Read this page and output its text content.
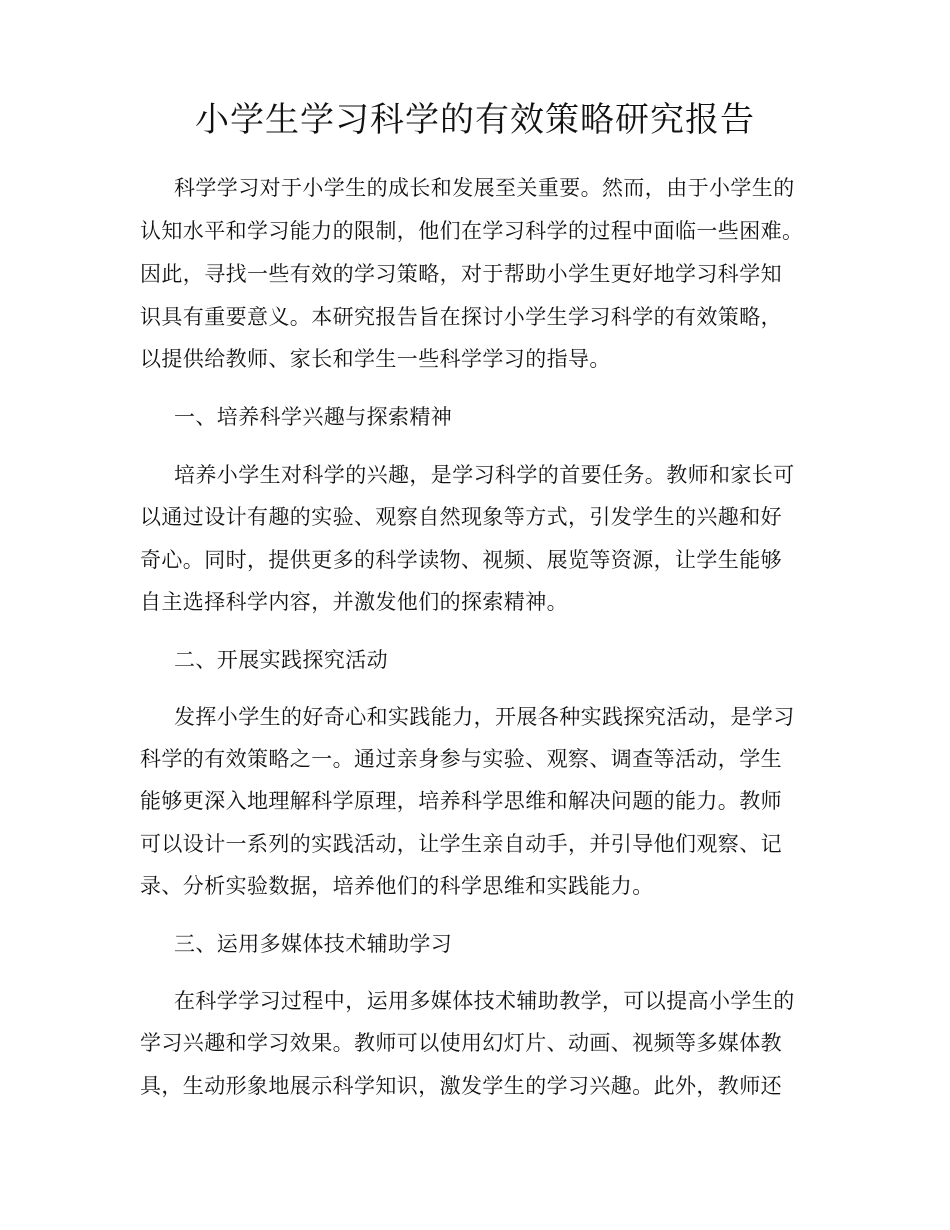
小学生学习科学的有效策略研究报告
科学学习对于小学生的成长和发展至关重要。然而，由于小学生的
认知水平和学习能力的限制，他们在学习科学的过程中面临一些困难。
因此，寻找一些有效的学习策略，对于帮助小学生更好地学习科学知
识具有重要意义。本研究报告旨在探讨小学生学习科学的有效策略，
以提供给教师、家长和学生一些科学学习的指导。
一、培养科学兴趣与探索精神
培养小学生对科学的兴趣，是学习科学的首要任务。教师和家长可
以通过设计有趣的实验、观察自然现象等方式，引发学生的兴趣和好
奇心。同时，提供更多的科学读物、视频、展览等资源，让学生能够
自主选择科学内容，并激发他们的探索精神。
二、开展实践探究活动
发挥小学生的好奇心和实践能力，开展各种实践探究活动，是学习
科学的有效策略之一。通过亲身参与实验、观察、调查等活动，学生
能够更深入地理解科学原理，培养科学思维和解决问题的能力。教师
可以设计一系列的实践活动，让学生亲自动手，并引导他们观察、记
录、分析实验数据，培养他们的科学思维和实践能力。
三、运用多媒体技术辅助学习
在科学学习过程中，运用多媒体技术辅助教学，可以提高小学生的
学习兴趣和学习效果。教师可以使用幻灯片、动画、视频等多媒体教
具，生动形象地展示科学知识，激发学生的学习兴趣。此外，教师还
